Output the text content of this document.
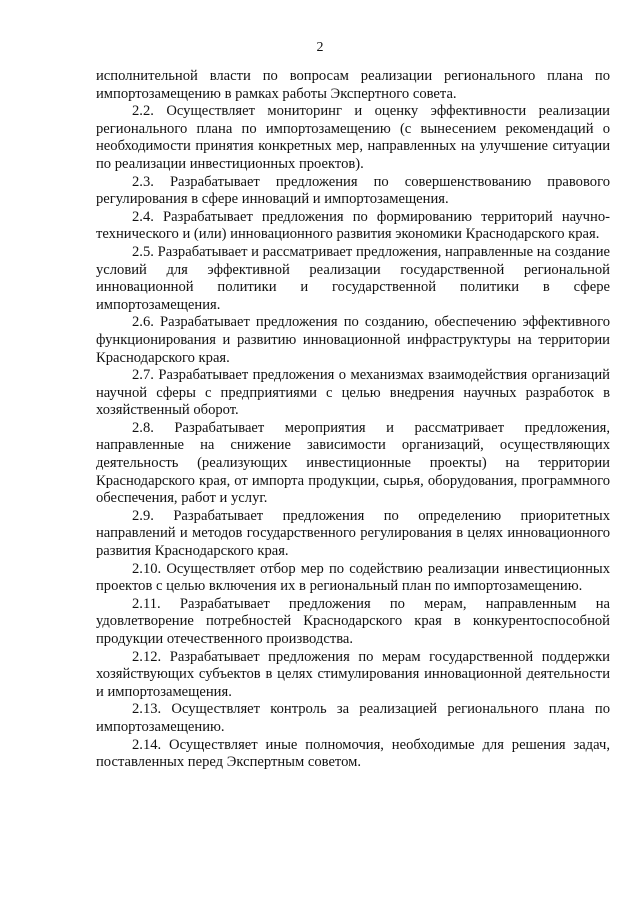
2

исполнительной власти по вопросам реализации регионального плана по импортозамещению в рамках работы Экспертного совета.

2.2. Осуществляет мониторинг и оценку эффективности реализации регионального плана по импортозамещению (с вынесением рекомендаций о необходимости принятия конкретных мер, направленных на улучшение ситуации по реализации инвестиционных проектов).

2.3. Разрабатывает предложения по совершенствованию правового регулирования в сфере инноваций и импортозамещения.

2.4. Разрабатывает предложения по формированию территорий научно-технического и (или) инновационного развития экономики Краснодарского края.

2.5. Разрабатывает и рассматривает предложения, направленные на создание условий для эффективной реализации государственной региональной инновационной политики и государственной политики в сфере импортозамещения.

2.6. Разрабатывает предложения по созданию, обеспечению эффективного функционирования и развитию инновационной инфраструктуры на территории Краснодарского края.

2.7. Разрабатывает предложения о механизмах взаимодействия организаций научной сферы с предприятиями с целью внедрения научных разработок в хозяйственный оборот.

2.8. Разрабатывает мероприятия и рассматривает предложения, направленные на снижение зависимости организаций, осуществляющих деятельность (реализующих инвестиционные проекты) на территории Краснодарского края, от импорта продукции, сырья, оборудования, программного обеспечения, работ и услуг.

2.9. Разрабатывает предложения по определению приоритетных направлений и методов государственного регулирования в целях инновационного развития Краснодарского края.

2.10. Осуществляет отбор мер по содействию реализации инвестиционных проектов с целью включения их в региональный план по импортозамещению.

2.11. Разрабатывает предложения по мерам, направленным на удовлетворение потребностей Краснодарского края в конкурентоспособной продукции отечественного производства.

2.12. Разрабатывает предложения по мерам государственной поддержки хозяйствующих субъектов в целях стимулирования инновационной деятельности и импортозамещения.

2.13. Осуществляет контроль за реализацией регионального плана по импортозамещению.

2.14. Осуществляет иные полномочия, необходимые для решения задач, поставленных перед Экспертным советом.
